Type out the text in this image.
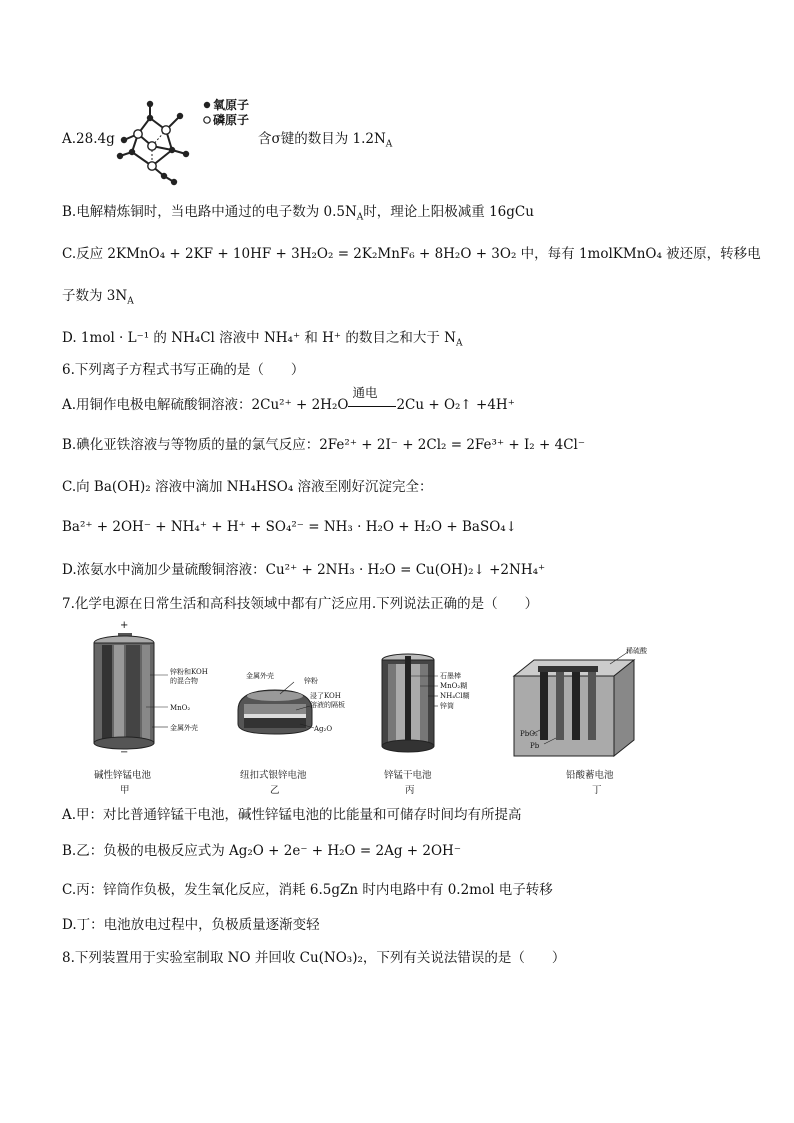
A.28.4g
氧原子
磷原子
含σ键的数目为 $1.2N_A$
B.电解精炼铜时，当电路中通过的电子数为 $0.5N_A$时，理论上阳极减重 16gCu
C.反应 2KMnO₄ + 2KF + 10HF + 3H₂O₂ = 2K₂MnF₆ + 8H₂O + 3O₂ 中，每有 1molKMnO₄ 被还原，转移电
子数为 $3N_A$
D. 1mol · L⁻¹ 的 NH₄Cl 溶液中 NH₄⁺ 和 H⁺ 的数目之和大于 $N_A$
6.下列离子方程式书写正确的是（　　）
A.用铜作电极电解硫酸铜溶液：2Cu²⁺ + 2H₂O
通电
2Cu + O₂↑ +4H⁺
B.碘化亚铁溶液与等物质的量的氯气反应：2Fe²⁺ + 2I⁻ + 2Cl₂ = 2Fe³⁺ + I₂ + 4Cl⁻
C.向 Ba(OH)₂ 溶液中滴加 NH₄HSO₄ 溶液至刚好沉淀完全：
Ba²⁺ + 2OH⁻ + NH₄⁺ + H⁺ + SO₄²⁻ = NH₃ · H₂O + H₂O + BaSO₄↓
D.浓氨水中滴加少量硫酸铜溶液：Cu²⁺ + 2NH₃ · H₂O = Cu(OH)₂↓ +2NH₄⁺
7.化学电源在日常生活和高科技领域中都有广泛应用.下列说法正确的是（　　）
+
−
锌粉和KOH
的混合物
MnO₂
金属外壳
碱性锌锰电池
甲
金属外壳
锌粉
浸了KOH
溶液的隔板
Ag₂O
纽扣式银锌电池
乙
石墨棒
MnO₂糊
NH₄Cl糊
锌筒
锌锰干电池
丙
稀硫酸
PbO₂
Pb
铅酸蓄电池
丁
A.甲：对比普通锌锰干电池，碱性锌锰电池的比能量和可储存时间均有所提高
B.乙：负极的电极反应式为 Ag₂O + 2e⁻ + H₂O = 2Ag + 2OH⁻
C.丙：锌筒作负极，发生氧化反应，消耗 6.5gZn 时内电路中有 0.2mol 电子转移
D.丁：电池放电过程中，负极质量逐渐变轻
8.下列装置用于实验室制取 NO 并回收 Cu(NO₃)₂，下列有关说法错误的是（　　）
